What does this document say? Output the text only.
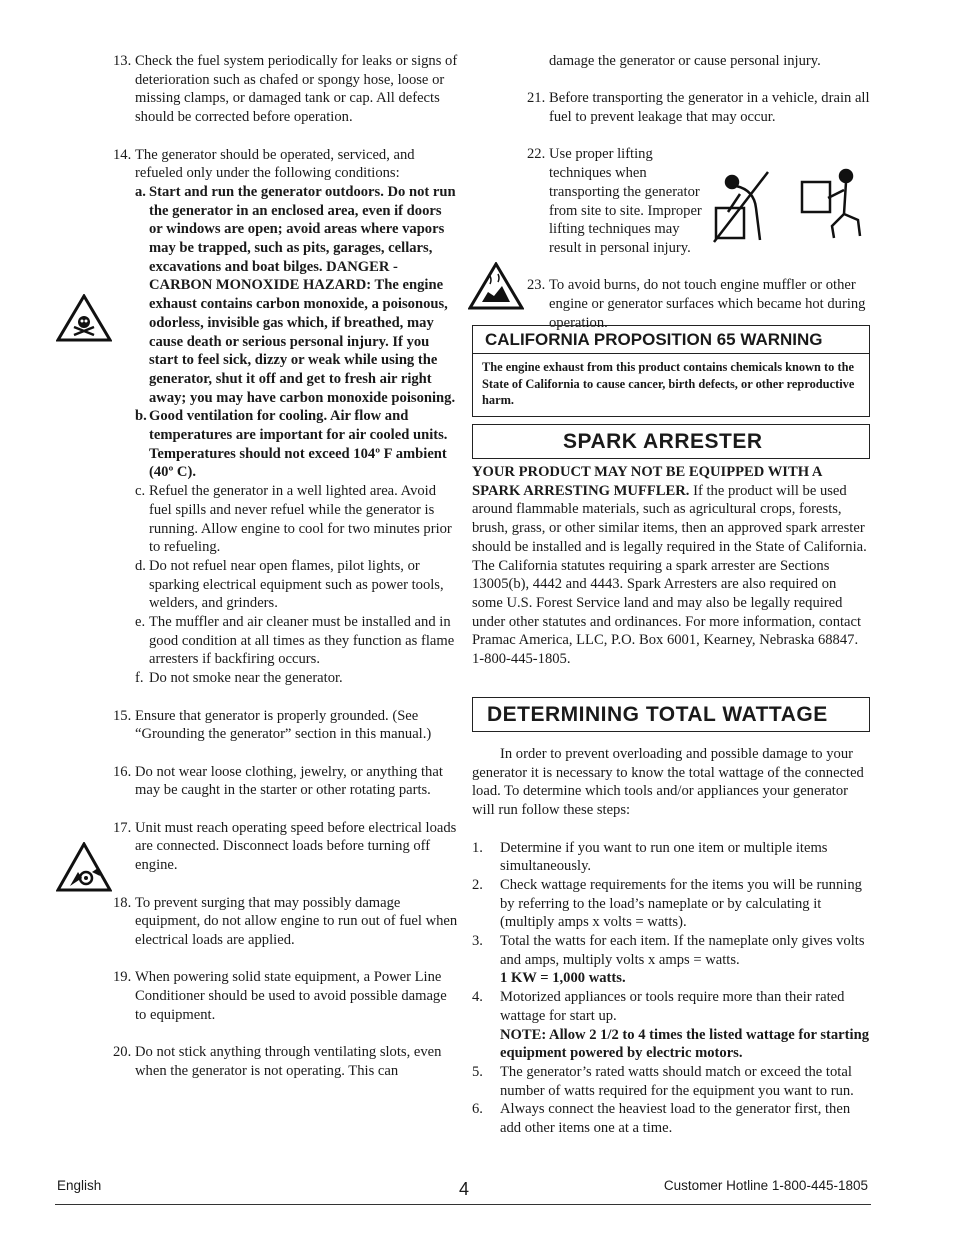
13. Check the fuel system periodically for leaks or signs of deterioration such as chafed or spongy hose, loose or missing clamps, or damaged tank or cap. All defects should be corrected before operation.
14. The generator should be operated, serviced, and refueled only under the following conditions:
a. Start and run the generator outdoors. Do not run the generator in an enclosed area, even if doors or windows are open; avoid areas where vapors may be trapped, such as pits, garages, cellars, excavations and boat bilges. DANGER - CARBON MONOXIDE HAZARD: The engine exhaust contains carbon monoxide, a poisonous, odorless, invisible gas which, if breathed, may cause death or serious personal injury. If you start to feel sick, dizzy or weak while using the generator, shut it off and get to fresh air right away; you may have carbon monoxide poisoning.
b. Good ventilation for cooling. Air flow and temperatures are important for air cooled units. Temperatures should not exceed 104º F ambient (40º C).
c. Refuel the generator in a well lighted area. Avoid fuel spills and never refuel while the generator is running. Allow engine to cool for two minutes prior to refueling.
d. Do not refuel near open flames, pilot lights, or sparking electrical equipment such as power tools, welders, and grinders.
e. The muffler and air cleaner must be installed and in good condition at all times as they function as flame arresters if backfiring occurs.
f. Do not smoke near the generator.
15. Ensure that generator is properly grounded. (See “Grounding the generator” section in this manual.)
16. Do not wear loose clothing, jewelry, or anything that may be caught in the starter or other rotating parts.
17. Unit must reach operating speed before electrical loads are connected. Disconnect loads before turning off engine.
18. To prevent surging that may possibly damage equipment, do not allow engine to run out of fuel when electrical loads are applied.
19. When powering solid state equipment, a Power Line Conditioner should be used to avoid possible damage to equipment.
20. Do not stick anything through ventilating slots, even when the generator is not operating. This can
damage the generator or cause personal injury.
21. Before transporting the generator in a vehicle, drain all fuel to prevent leakage that may occur.
22. Use proper lifting techniques when transporting the generator from site to site. Improper lifting techniques may result in personal injury.
23. To avoid burns, do not touch engine muffler or other engine or generator surfaces which became hot during operation.
CALIFORNIA PROPOSITION 65 WARNING
The engine exhaust from this product contains chemicals known to the State of California to cause cancer, birth defects, or other reproductive harm.
SPARK ARRESTER
YOUR PRODUCT MAY NOT BE EQUIPPED WITH A SPARK ARRESTING MUFFLER. If the product will be used around flammable materials, such as agricultural crops, forests, brush, grass, or other similar items, then an approved spark arrester should be installed and is legally required in the State of California. The California statutes requiring a spark arrester are Sections 13005(b), 4442 and 4443. Spark Arresters are also required on some U.S. Forest Service land and may also be legally required under other statutes and ordinances. For more information, contact Pramac America, LLC, P.O. Box 6001, Kearney, Nebraska 68847. 1-800-445-1805.
DETERMINING TOTAL WATTAGE
In order to prevent overloading and possible damage to your generator it is necessary to know the total wattage of the connected load. To determine which tools and/or appliances your generator will run follow these steps:
1. Determine if you want to run one item or multiple items simultaneously.
2. Check wattage requirements for the items you will be running by referring to the load’s nameplate or by calculating it (multiply amps x volts = watts).
3. Total the watts for each item. If the nameplate only gives volts and amps, multiply volts x amps = watts.
1 KW = 1,000 watts.
4. Motorized appliances or tools require more than their rated wattage for start up.
NOTE: Allow 2 1/2 to 4 times the listed wattage for starting equipment powered by electric motors.
5. The generator’s rated watts should match or exceed the total number of watts required for the equipment you want to run.
6. Always connect the heaviest load to the generator first, then add other items one at a time.
English	4	Customer Hotline 1-800-445-1805
